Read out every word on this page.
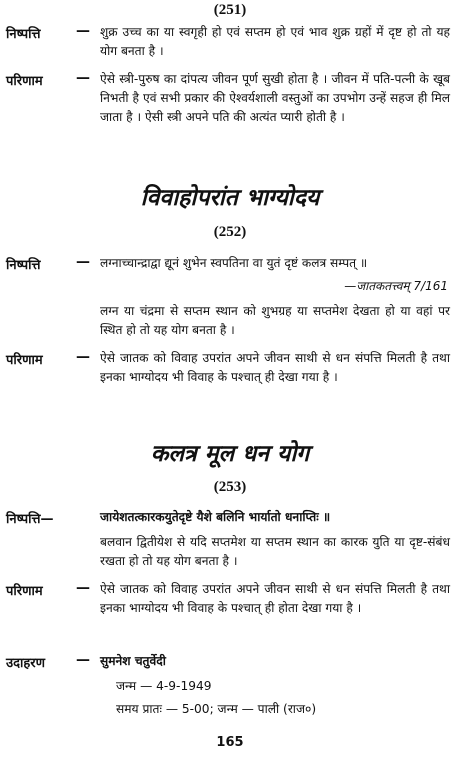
(251)
निष्पत्ति	— शुक्र उच्च का या स्वगृही हो एवं सप्तम हो एवं भाव शुक्र ग्रहों में दृष्ट हो तो यह योग बनता है ।
परिणाम — ऐसे स्त्री-पुरुष का दांपत्य जीवन पूर्ण सुखी होता है । जीवन में पति-पत्नी के खूब निभती है एवं सभी प्रकार की ऐश्वर्यशाली वस्तुओं का उपभोग उन्हें सहज ही मिल जाता है । ऐसी स्त्री अपने पति की अत्यंत प्यारी होती है ।
विवाहोपरांत भाग्योदय
(252)
निष्पत्ति	— लग्नाच्चान्द्राद्वा द्यूनं शुभेन स्वपतिना वा युतं दृष्टं कलत्र सम्पत् ॥
—जातकतत्त्वम् 7/161
लग्न या चंद्रमा से सप्तम स्थान को शुभग्रह या सप्तमेश देखता हो या वहां पर स्थित हो तो यह योग बनता है ।
परिणाम — ऐसे जातक को विवाह उपरांत अपने जीवन साथी से धन संपत्ति मिलती है तथा इनका भाग्योदय भी विवाह के पश्चात् ही देखा गया है ।
कलत्र मूल धन योग
(253)
निष्पत्ति—	जायेशतत्कारकयुतेदृष्टे यैशे बलिनि भार्यातो धनाप्तिः ॥
बलवान द्वितीयेश से यदि सप्तमेश या सप्तम स्थान का कारक युति या दृष्ट-संबंध रखता हो तो यह योग बनता है ।
परिणाम — ऐसे जातक को विवाह उपरांत अपने जीवन साथी से धन संपत्ति मिलती है तथा इनका भाग्योदय भी विवाह के पश्चात् ही होता देखा गया है ।
उदाहरण — सुमनेश चतुर्वेदी
जन्म — 4-9-1949
समय प्रातः — 5-00; जन्म — पाली (राज०)
165
